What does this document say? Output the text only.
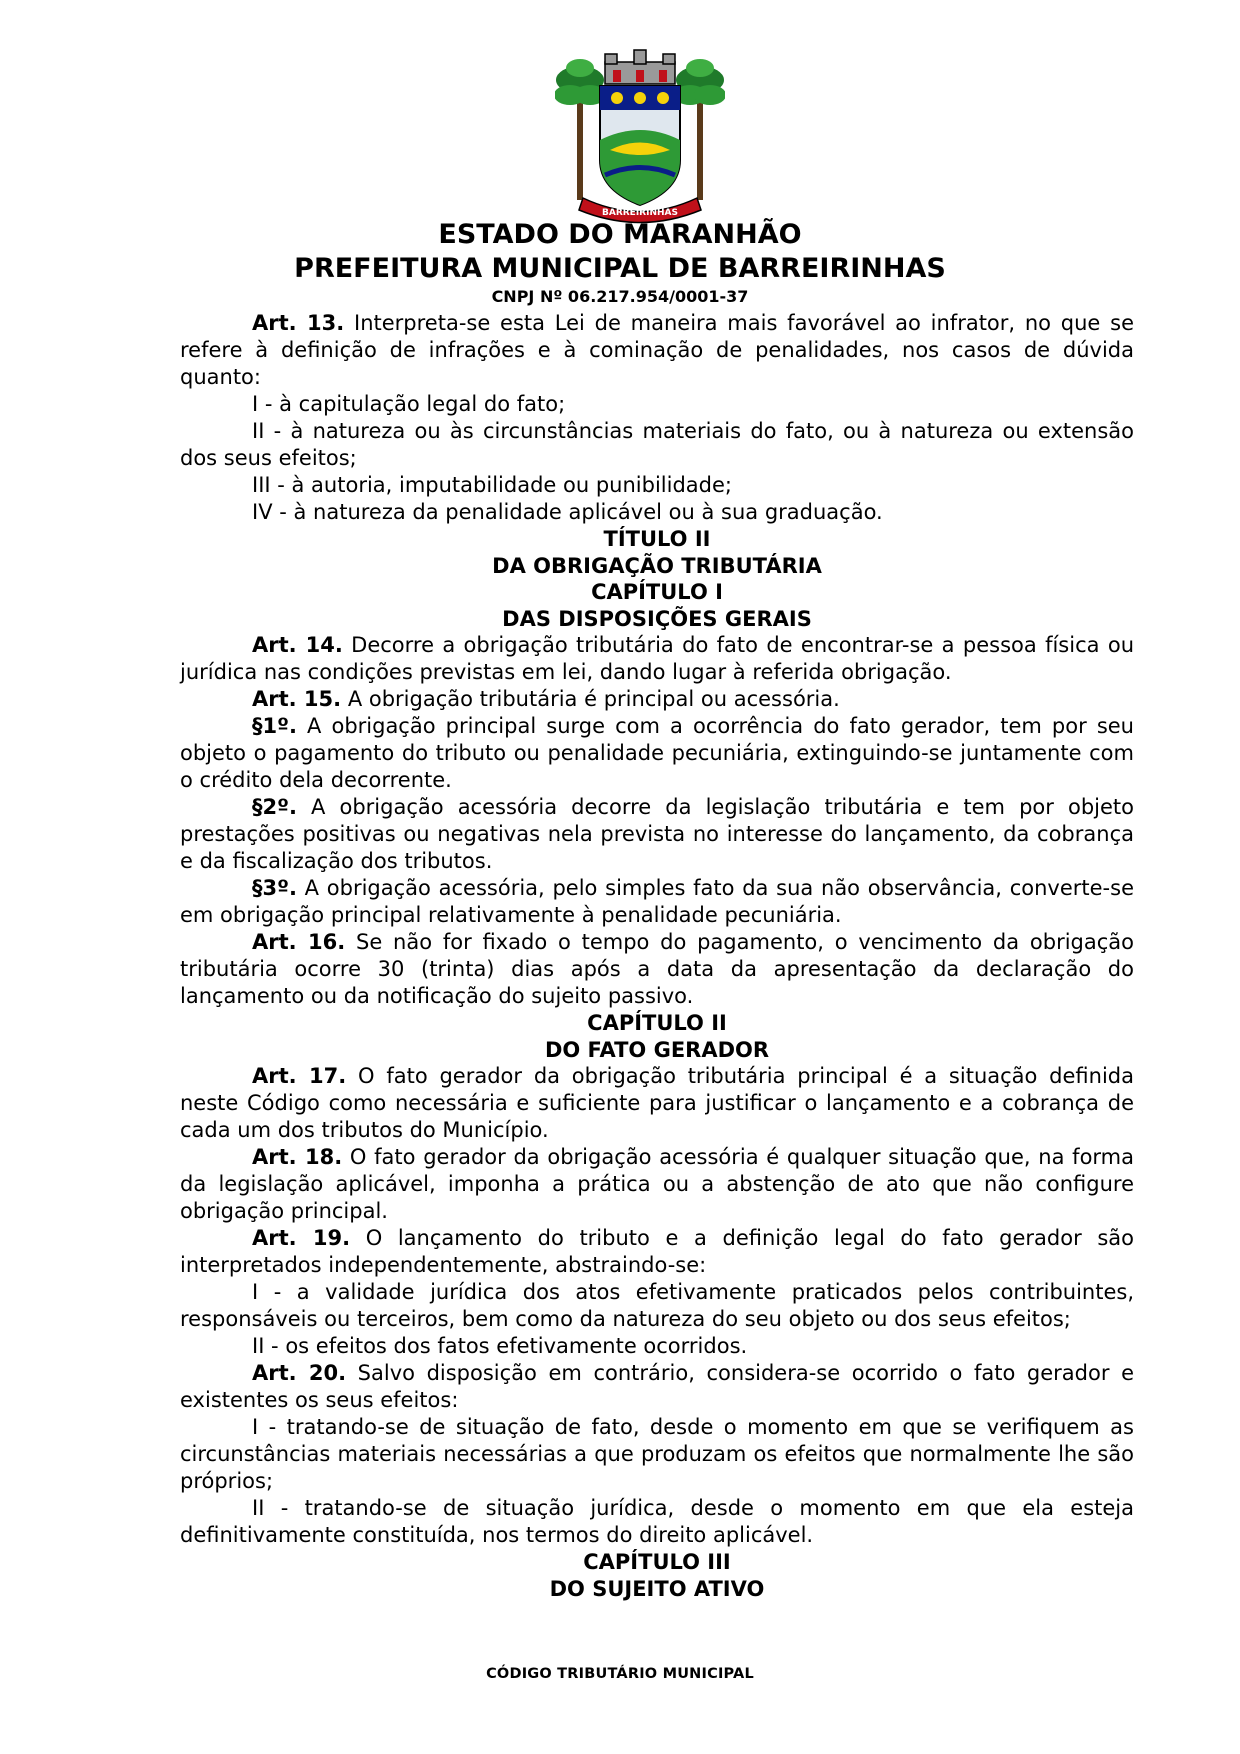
BARREIRINHAS
ESTADO DO MARANHÃO
PREFEITURA MUNICIPAL DE BARREIRINHAS
CNPJ Nº 06.217.954/0001-37
Art. 13. Interpreta-se esta Lei de maneira mais favorável ao infrator, no que se refere à definição de infrações e à cominação de penalidades, nos casos de dúvida quanto:
I - à capitulação legal do fato;
II - à natureza ou às circunstâncias materiais do fato, ou à natureza ou extensão dos seus efeitos;
III - à autoria, imputabilidade ou punibilidade;
IV - à natureza da penalidade aplicável ou à sua graduação.
TÍTULO II
DA OBRIGAÇÃO TRIBUTÁRIA
CAPÍTULO I
DAS DISPOSIÇÕES GERAIS
Art. 14. Decorre a obrigação tributária do fato de encontrar-se a pessoa física ou jurídica nas condições previstas em lei, dando lugar à referida obrigação.
Art. 15. A obrigação tributária é principal ou acessória.
§1º. A obrigação principal surge com a ocorrência do fato gerador, tem por seu objeto o pagamento do tributo ou penalidade pecuniária, extinguindo-se juntamente com o crédito dela decorrente.
§2º. A obrigação acessória decorre da legislação tributária e tem por objeto prestações positivas ou negativas nela prevista no interesse do lançamento, da cobrança e da fiscalização dos tributos.
§3º. A obrigação acessória, pelo simples fato da sua não observância, converte-se em obrigação principal relativamente à penalidade pecuniária.
Art. 16. Se não for fixado o tempo do pagamento, o vencimento da obrigação tributária ocorre 30 (trinta) dias após a data da apresentação da declaração do lançamento ou da notificação do sujeito passivo.
CAPÍTULO II
DO FATO GERADOR
Art. 17. O fato gerador da obrigação tributária principal é a situação definida neste Código como necessária e suficiente para justificar o lançamento e a cobrança de cada um dos tributos do Município.
Art. 18. O fato gerador da obrigação acessória é qualquer situação que, na forma da legislação aplicável, imponha a prática ou a abstenção de ato que não configure obrigação principal.
Art. 19. O lançamento do tributo e a definição legal do fato gerador são interpretados independentemente, abstraindo-se:
I - a validade jurídica dos atos efetivamente praticados pelos contribuintes, responsáveis ou terceiros, bem como da natureza do seu objeto ou dos seus efeitos;
II - os efeitos dos fatos efetivamente ocorridos.
Art. 20. Salvo disposição em contrário, considera-se ocorrido o fato gerador e existentes os seus efeitos:
I - tratando-se de situação de fato, desde o momento em que se verifiquem as circunstâncias materiais necessárias a que produzam os efeitos que normalmente lhe são próprios;
II - tratando-se de situação jurídica, desde o momento em que ela esteja definitivamente constituída, nos termos do direito aplicável.
CAPÍTULO III
DO SUJEITO ATIVO
CÓDIGO TRIBUTÁRIO MUNICIPAL
